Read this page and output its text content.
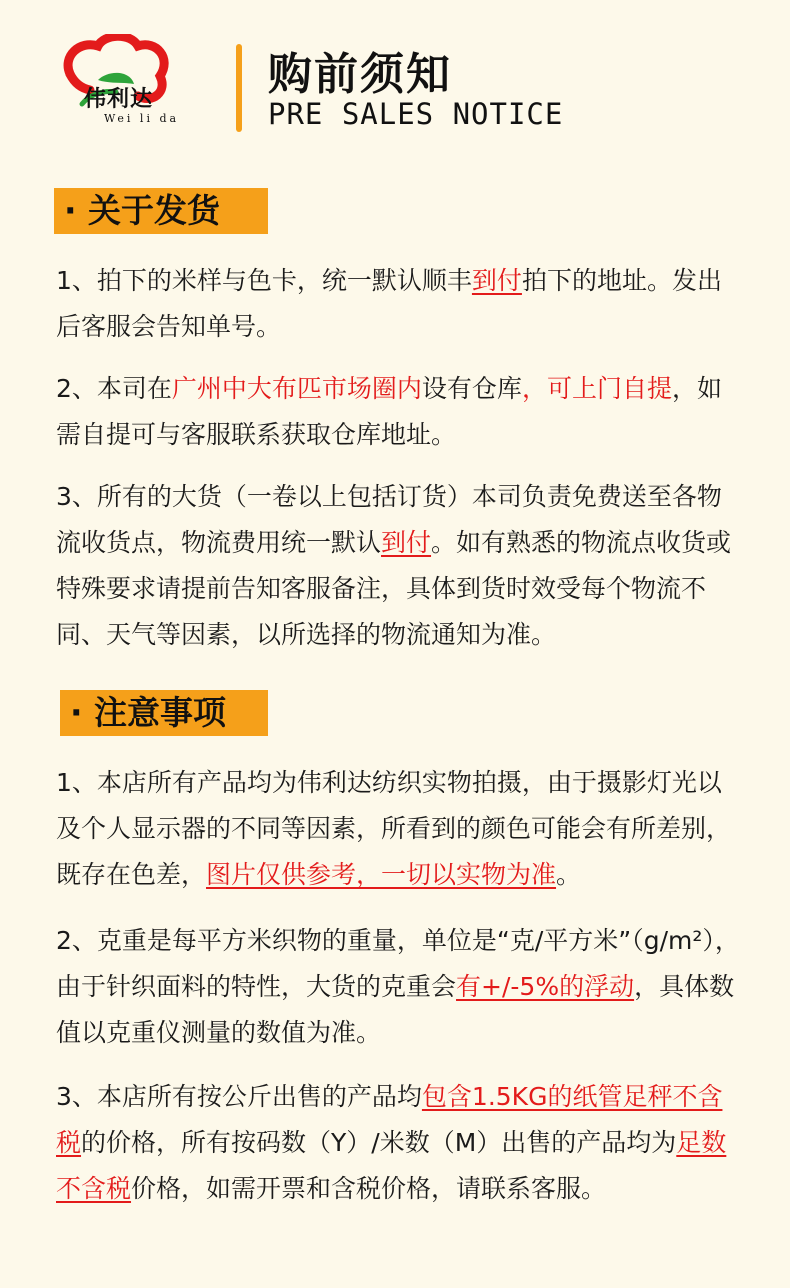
伟利达
Wei li da
购前须知
PRE SALES NOTICE
· 关于发货
1、拍下的米样与色卡，统一默认顺丰到付拍下的地址。发出后客服会告知单号。
2、本司在广州中大布匹市场圈内设有仓库，可上门自提，如需自提可与客服联系获取仓库地址。
3、所有的大货（一卷以上包括订货）本司负责免费送至各物流收货点，物流费用统一默认到付。如有熟悉的物流点收货或特殊要求请提前告知客服备注，具体到货时效受每个物流不同、天气等因素，以所选择的物流通知为准。
· 注意事项
1、本店所有产品均为伟利达纺织实物拍摄，由于摄影灯光以及个人显示器的不同等因素，所看到的颜色可能会有所差别，既存在色差，图片仅供参考，一切以实物为准。
2、克重是每平方米织物的重量，单位是“克/平方米”（g/m²），由于针织面料的特性，大货的克重会有+/-5%的浮动，具体数值以克重仪测量的数值为准。
3、本店所有按公斤出售的产品均包含1.5KG的纸管足秤不含税的价格，所有按码数（Y）/米数（M）出售的产品均为足数不含税价格，如需开票和含税价格，请联系客服。
